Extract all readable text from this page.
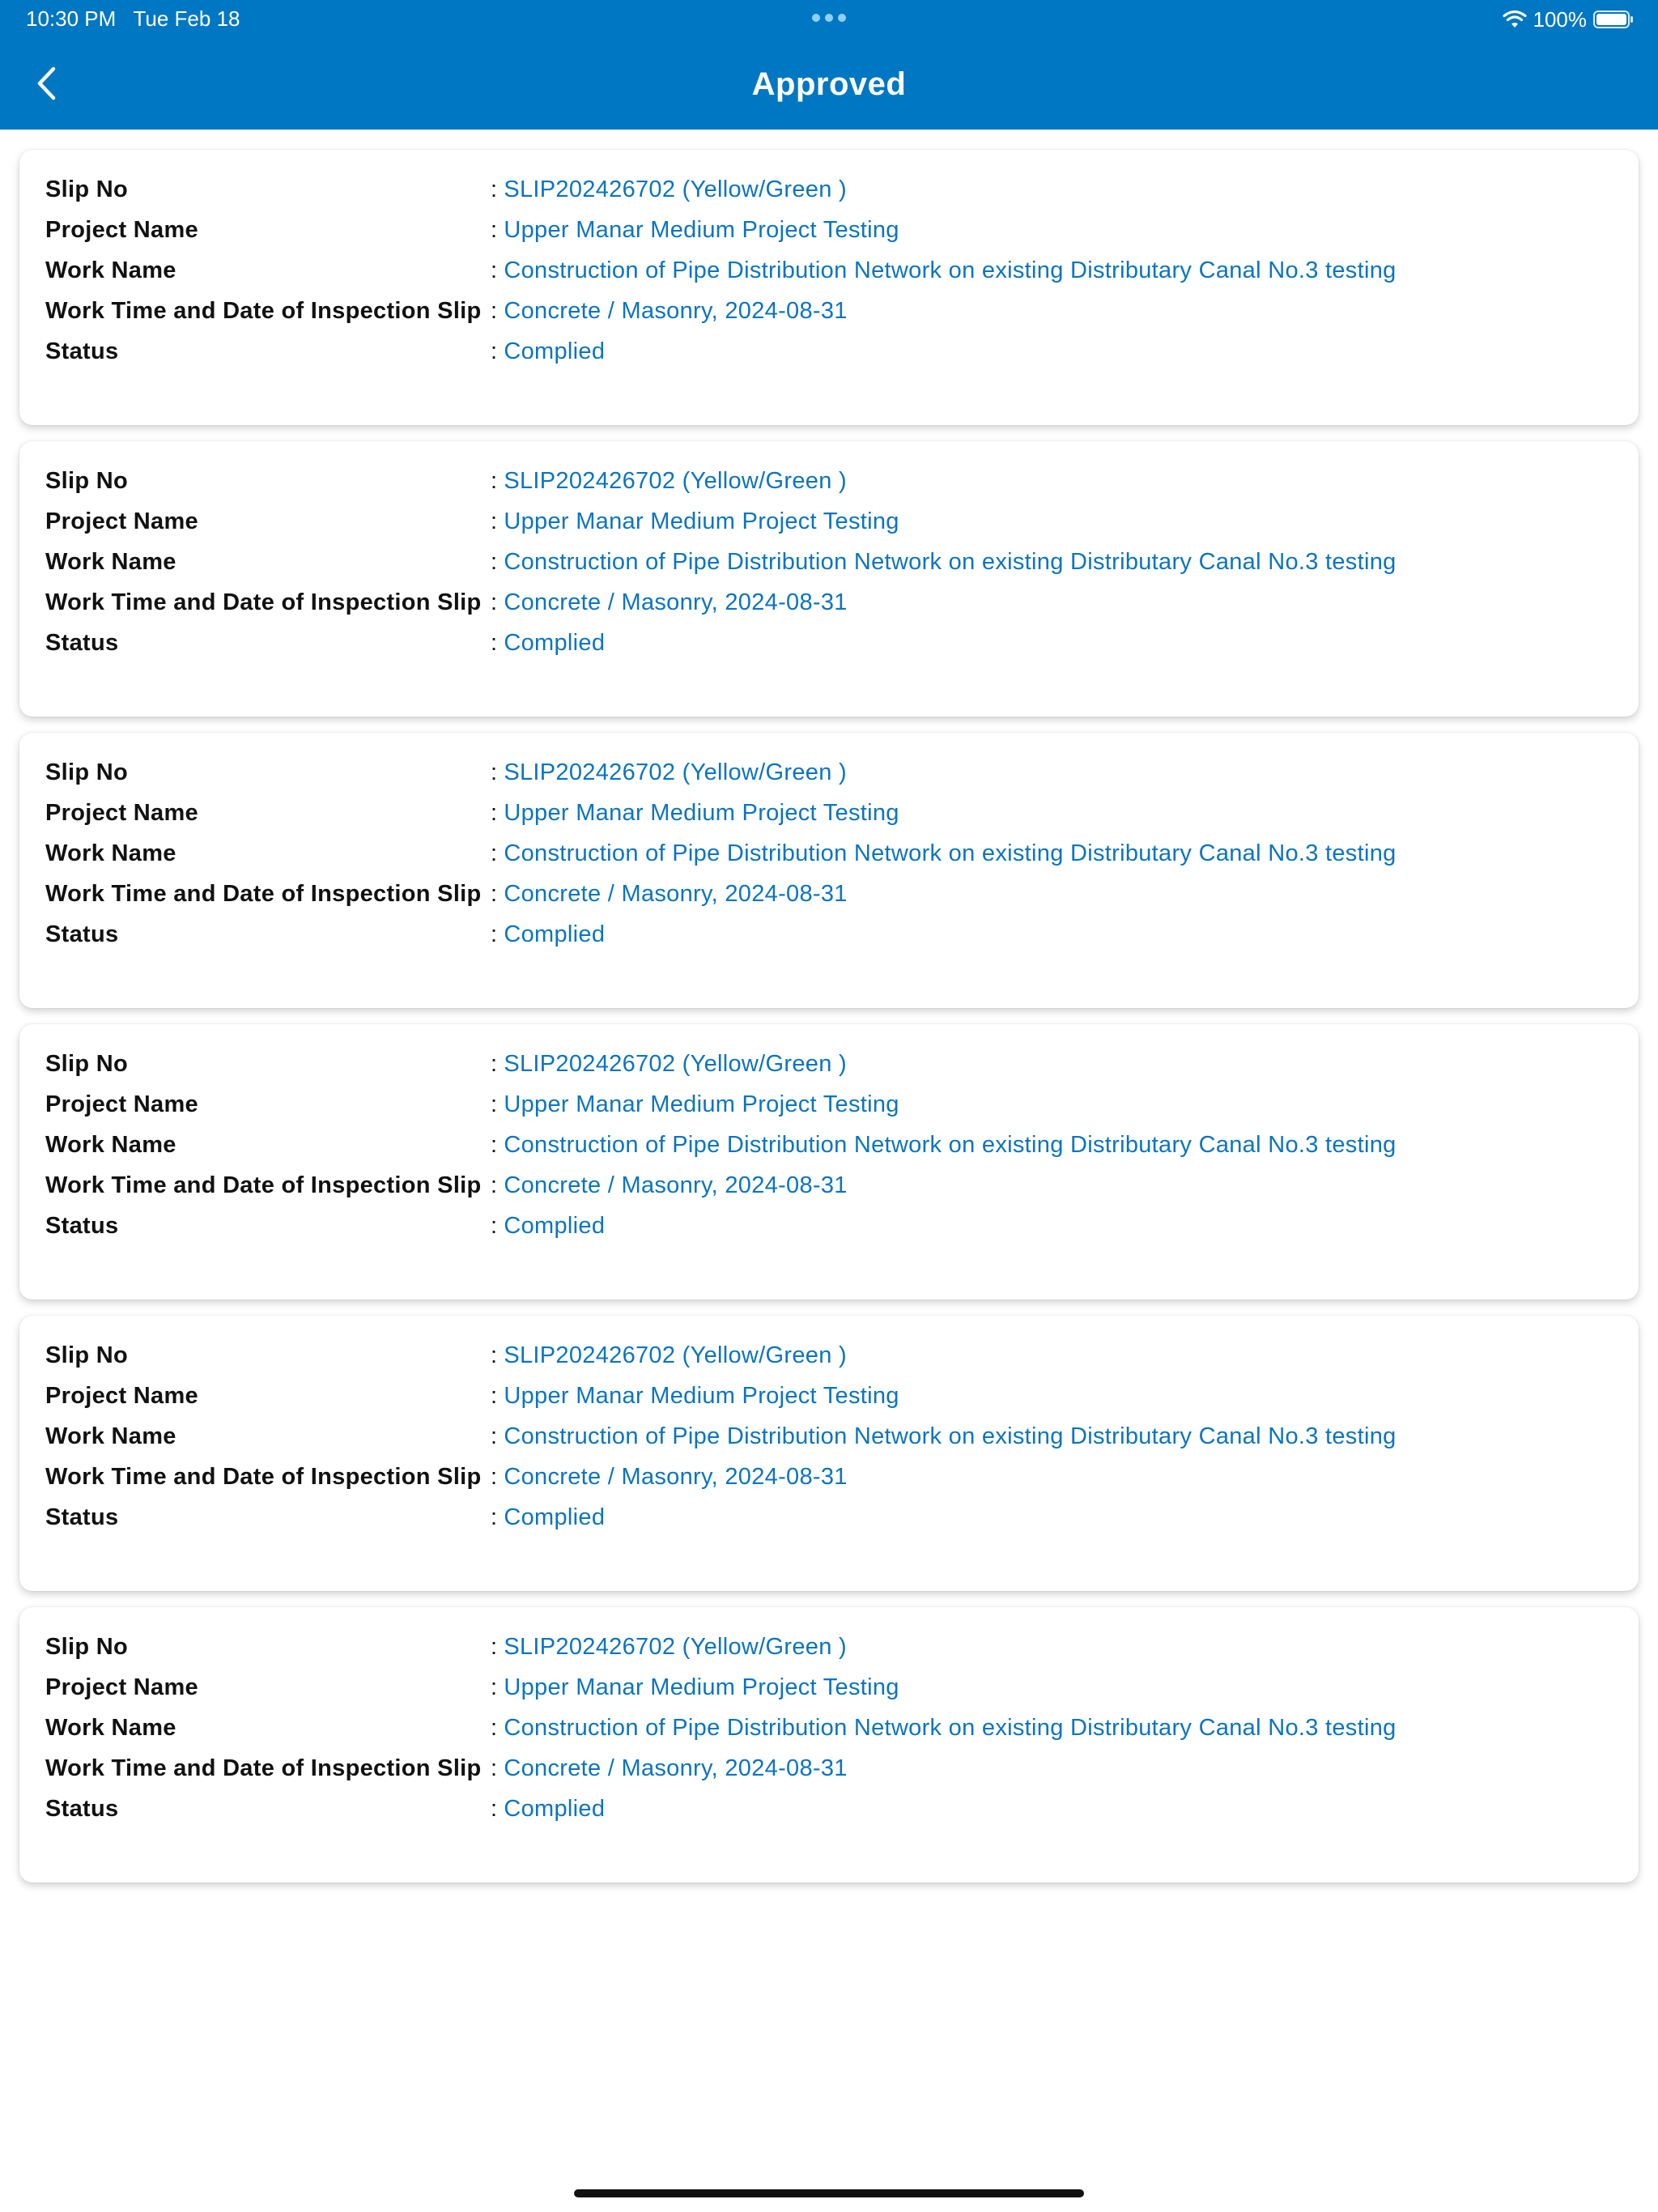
10:30 PM   Tue Feb 18	100%
Approved
Slip No	: SLIP202426702 (Yellow/Green )
Project Name	: Upper Manar Medium Project Testing
Work Name	: Construction of Pipe Distribution Network on existing Distributary Canal No.3 testing
Work Time and Date of Inspection Slip : Concrete / Masonry, 2024-08-31
Status	: Complied
Slip No	: SLIP202426702 (Yellow/Green )
Project Name	: Upper Manar Medium Project Testing
Work Name	: Construction of Pipe Distribution Network on existing Distributary Canal No.3 testing
Work Time and Date of Inspection Slip : Concrete / Masonry, 2024-08-31
Status	: Complied
Slip No	: SLIP202426702 (Yellow/Green )
Project Name	: Upper Manar Medium Project Testing
Work Name	: Construction of Pipe Distribution Network on existing Distributary Canal No.3 testing
Work Time and Date of Inspection Slip : Concrete / Masonry, 2024-08-31
Status	: Complied
Slip No	: SLIP202426702 (Yellow/Green )
Project Name	: Upper Manar Medium Project Testing
Work Name	: Construction of Pipe Distribution Network on existing Distributary Canal No.3 testing
Work Time and Date of Inspection Slip : Concrete / Masonry, 2024-08-31
Status	: Complied
Slip No	: SLIP202426702 (Yellow/Green )
Project Name	: Upper Manar Medium Project Testing
Work Name	: Construction of Pipe Distribution Network on existing Distributary Canal No.3 testing
Work Time and Date of Inspection Slip : Concrete / Masonry, 2024-08-31
Status	: Complied
Slip No	: SLIP202426702 (Yellow/Green )
Project Name	: Upper Manar Medium Project Testing
Work Name	: Construction of Pipe Distribution Network on existing Distributary Canal No.3 testing
Work Time and Date of Inspection Slip : Concrete / Masonry, 2024-08-31
Status	: Complied
